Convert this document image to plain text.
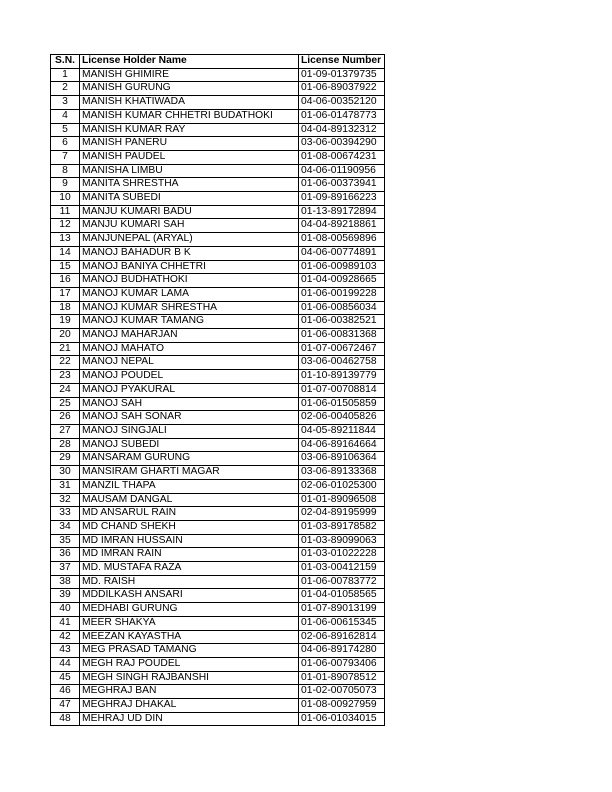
S.N.	License Holder Name	License Number
1	MANISH GHIMIRE	01-09-01379735
2	MANISH GURUNG	01-06-89037922
3	MANISH KHATIWADA	04-06-00352120
4	MANISH KUMAR CHHETRI BUDATHOKI	01-06-01478773
5	MANISH KUMAR RAY	04-04-89132312
6	MANISH PANERU	03-06-00394290
7	MANISH PAUDEL	01-08-00674231
8	MANISHA LIMBU	04-06-01190956
9	MANITA SHRESTHA	01-06-00373941
10	MANITA SUBEDI	01-09-89166223
11	MANJU KUMARI BADU	01-13-89172894
12	MANJU KUMARI SAH	04-04-89218861
13	MANJUNEPAL (ARYAL)	01-08-00569896
14	MANOJ BAHADUR B K	04-06-00774891
15	MANOJ BANIYA CHHETRI	01-06-00989103
16	MANOJ BUDHATHOKI	01-04-00928665
17	MANOJ KUMAR LAMA	01-06-00199228
18	MANOJ KUMAR SHRESTHA	01-06-00856034
19	MANOJ KUMAR TAMANG	01-06-00382521
20	MANOJ MAHARJAN	01-06-00831368
21	MANOJ MAHATO	01-07-00672467
22	MANOJ NEPAL	03-06-00462758
23	MANOJ POUDEL	01-10-89139779
24	MANOJ PYAKURAL	01-07-00708814
25	MANOJ SAH	01-06-01505859
26	MANOJ SAH SONAR	02-06-00405826
27	MANOJ SINGJALI	04-05-89211844
28	MANOJ SUBEDI	04-06-89164664
29	MANSARAM GURUNG	03-06-89106364
30	MANSIRAM GHARTI MAGAR	03-06-89133368
31	MANZIL THAPA	02-06-01025300
32	MAUSAM DANGAL	01-01-89096508
33	MD ANSARUL RAIN	02-04-89195999
34	MD CHAND SHEKH	01-03-89178582
35	MD IMRAN HUSSAIN	01-03-89099063
36	MD IMRAN RAIN	01-03-01022228
37	MD. MUSTAFA RAZA	01-03-00412159
38	MD. RAISH	01-06-00783772
39	MDDILKASH ANSARI	01-04-01058565
40	MEDHABI GURUNG	01-07-89013199
41	MEER SHAKYA	01-06-00615345
42	MEEZAN KAYASTHA	02-06-89162814
43	MEG PRASAD TAMANG	04-06-89174280
44	MEGH RAJ POUDEL	01-06-00793406
45	MEGH SINGH RAJBANSHI	01-01-89078512
46	MEGHRAJ BAN	01-02-00705073
47	MEGHRAJ DHAKAL	01-08-00927959
48	MEHRAJ UD DIN	01-06-01034015
